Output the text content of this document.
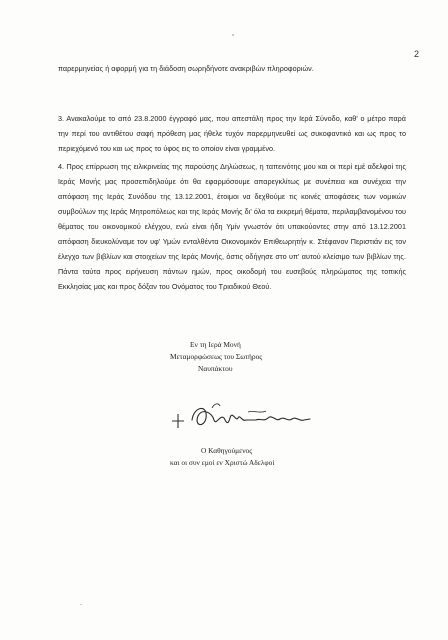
2
παρερμηνείας ή αφορμή για τη διάδοση σωρηδήνοτε ανακριβών πληροφοριών.
3. Ανακαλούμε το από 23.8.2000 έγγραφό μας, που απεστάλη προς την Ιερά Σύνοδο, καθ' ο μέτρο παρά την περί του αντιθέτου σαφή πρόθεση μας ήθελε τυχόν παρερμηνευθεί ως συκοφαντικό και ως προς το περιεχόμενό του και ως προς το ύφος εις το οποίον είναι γραμμένο.
4. Προς επίρρωση της ειλικρινείας της παρούσης Δηλώσεως, η ταπεινότης μου και οι περί εμέ αδελφοί της Ιεράς Μονής μας προσεπιδηλούμε ότι θα εφαρμόσουμε απαρεγκλίτως με συνέπεια και συνέχεια την απόφαση της Ιεράς Συνόδου της 13.12.2001, έτοιμοι να δεχθούμε τις κοινές αποφάσεις των νομικών συμβούλων της Ιεράς Μητροπόλεως και της Ιεράς Μονής δι' όλα τα εκκρεμή θέματα, περιλαμβανομένου του θέματος του οικονομικού ελέγχου, ενώ είναι ήδη Υμίν γνωστόν ότι υπακούοντες στην από 13.12.2001 απόφαση διευκολύναμε τον υφ' Υμών ενταλθέντα Οικονομικόν Επιθεωρητήν κ. Στέφανον Περιστιάν εις τον έλεγχο των βιβλίων και στοιχείων της Ιεράς Μονής, όστις οδήγησε στο υπ' αυτού κλείσιμο των βιβλίων της. Πάντα ταύτα προς ειρήνευση πάντων ημών, προς οικοδομή του ευσεβούς πληρώματος της τοπικής Εκκλησίας μας και προς δόξαν του Ονόματος του Τριαδικού Θεού.
Εν τη Ιερά Μονή
Μεταμορφώσεως του Σωτήρος
Ναυπάκτου
Ο Καθηγούμενος
και οι συν εμοί εν Χριστώ Αδελφοί
